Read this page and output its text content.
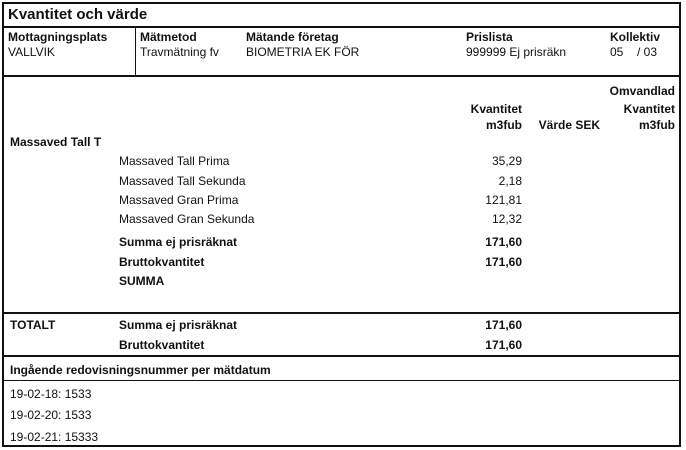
Kvantitet och värde
Mottagningsplats
VALLVIK
Mätmetod
Travmätning fv
Mätande företag
BIOMETRIA EK FÖR
Prislista
999999 Ej prisräkn
Kollektiv
05 / 03
Kvantitet
m3fub Värde SEK
Omvandlad
Kvantitet
m3fub
Massaved Tall T
Massaved Tall Prima	35,29
Massaved Tall Sekunda	2,18
Massaved Gran Prima	121,81
Massaved Gran Sekunda	12,32
Summa ej prisräknat	171,60
Bruttokvantitet	171,60
SUMMA
TOTALT	Summa ej prisräknat	171,60
Bruttokvantitet	171,60
Ingående redovisningsnummer per mätdatum
19-02-18: 1533
19-02-20: 1533
19-02-21: 15333
